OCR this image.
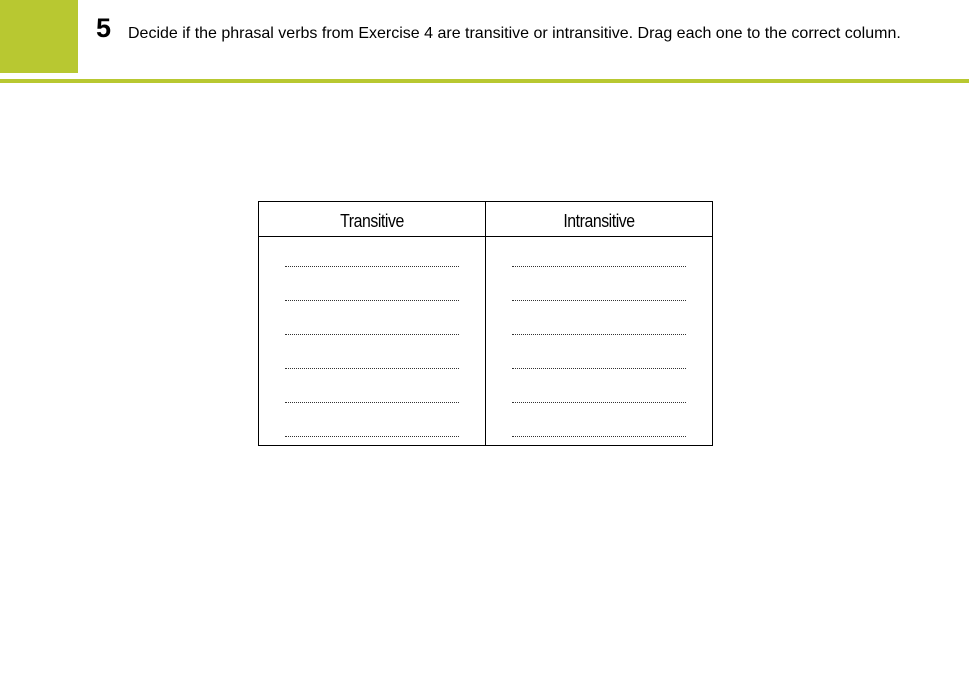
5 Decide if the phrasal verbs from Exercise 4 are transitive or intransitive. Drag each one to the correct column.
Transitive	Intransitive
